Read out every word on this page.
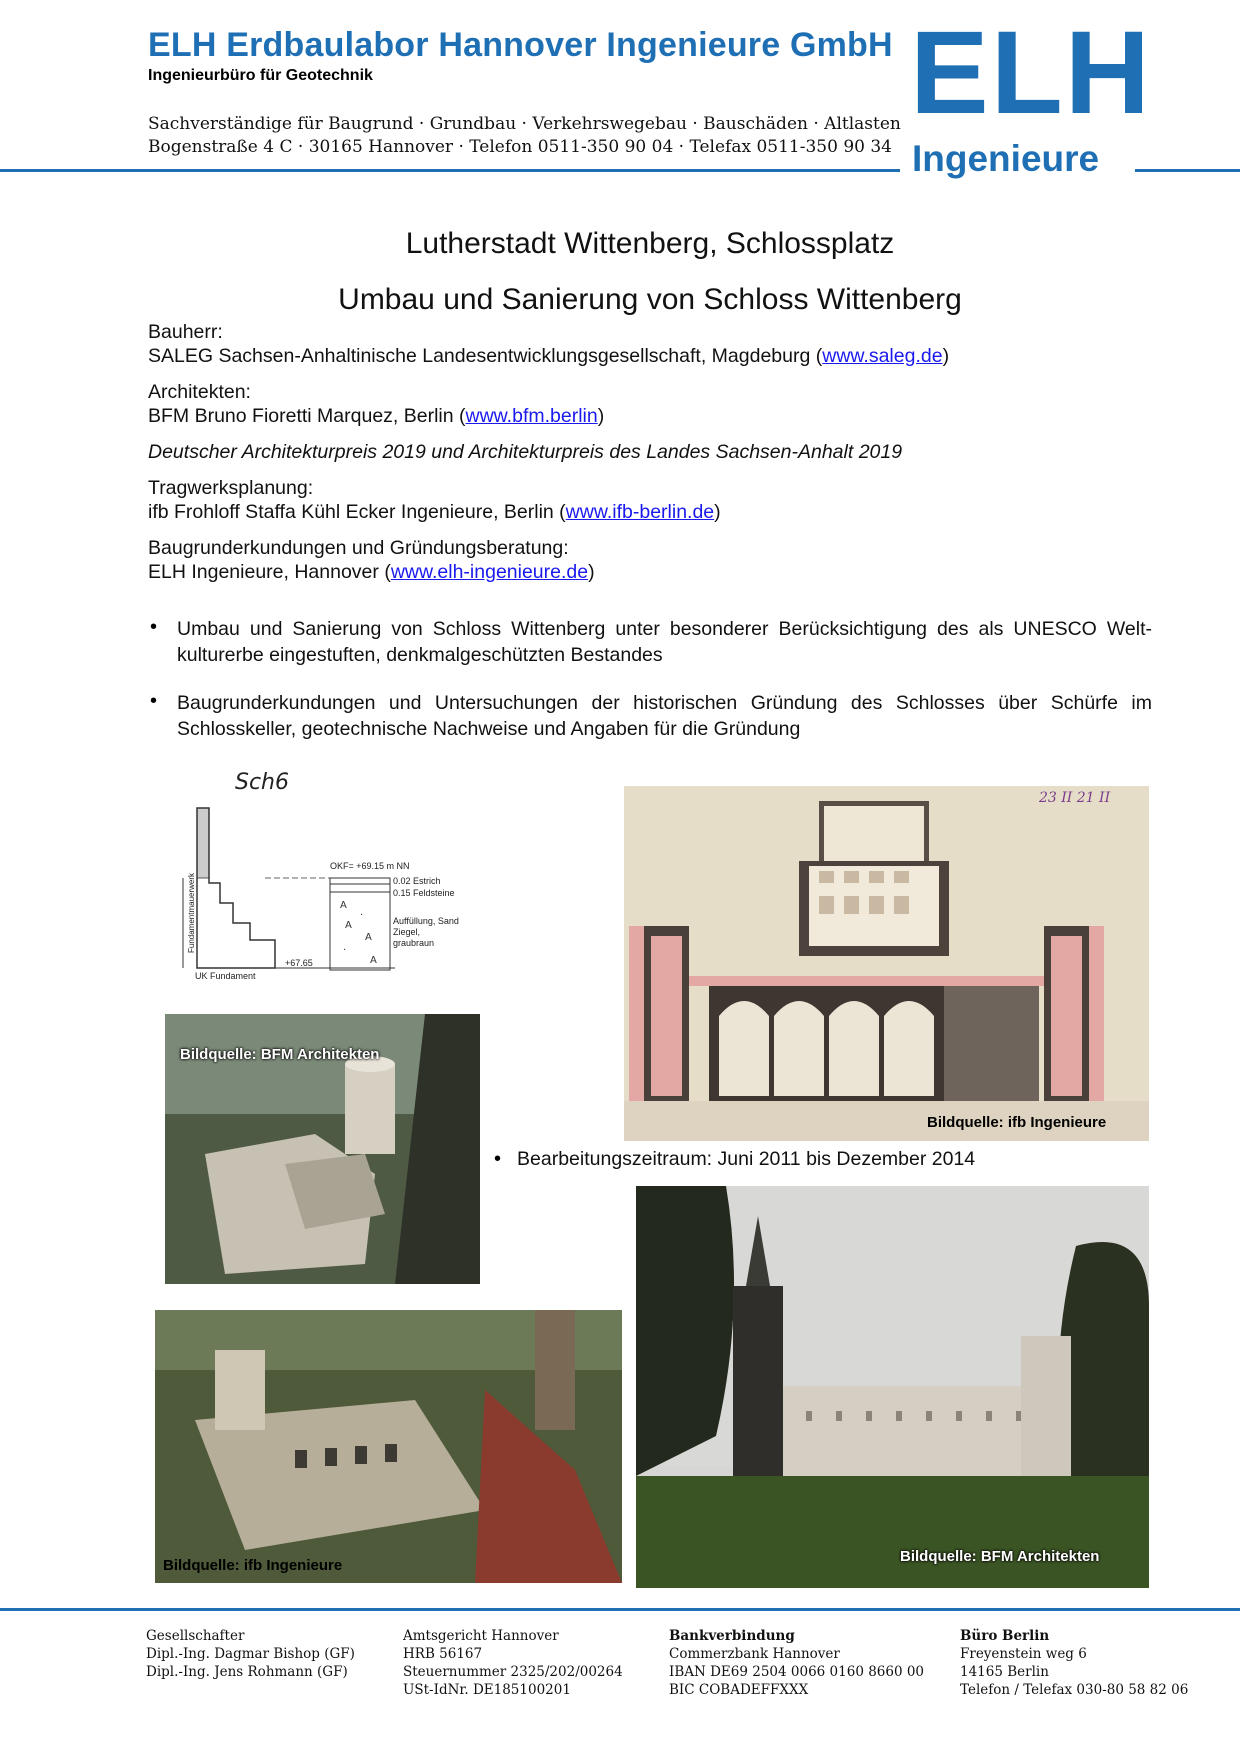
ELH Erdbaulabor Hannover Ingenieure GmbH
Ingenieurbüro für Geotechnik
Sachverständige für Baugrund · Grundbau · Verkehrswegebau · Bauschäden · Altlasten
Bogenstraße 4 C · 30165 Hannover · Telefon 0511-350 90 04 · Telefax 0511-350 90 34
ELH
Ingenieure
Lutherstadt Wittenberg, Schlossplatz
Umbau und Sanierung von Schloss Wittenberg
Bauherr:
SALEG Sachsen-Anhaltinische Landesentwicklungsgesellschaft, Magdeburg (www.saleg.de)
Architekten:
BFM Bruno Fioretti Marquez, Berlin (www.bfm.berlin)
Deutscher Architekturpreis 2019 und Architekturpreis des Landes Sachsen-Anhalt 2019
Tragwerksplanung:
ifb Frohloff Staffa Kühl Ecker Ingenieure, Berlin (www.ifb-berlin.de)
Baugrunderkundungen und Gründungsberatung:
ELH Ingenieure, Hannover (www.elh-ingenieure.de)
• Umbau und Sanierung von Schloss Wittenberg unter besonderer Berücksichtigung des als UNESCO Welt-kulturerbe eingestuften, denkmalgeschützten Bestandes
• Baugrunderkundungen und Untersuchungen der historischen Gründung des Schlosses über Schürfe im Schlosskeller, geotechnische Nachweise und Angaben für die Gründung
A
·
A
A
·
A
Sch6
OKF= +69.15 m NN
0.02 Estrich
0.15 Feldsteine
Auffüllung, Sand Ziegel, graubraun
Fundamentmauerwerk
UK Fundament
+67.65
23 II 21 II
Bildquelle: ifb Ingenieure
Bildquelle: BFM Architekten
• Bearbeitungszeitraum: Juni 2011 bis Dezember 2014
Bildquelle: ifb Ingenieure
Bildquelle: BFM Architekten
Gesellschafter
Dipl.-Ing. Dagmar Bishop (GF)
Dipl.-Ing. Jens Rohmann (GF)
Amtsgericht Hannover
HRB 56167
Steuernummer 2325/202/00264
USt-IdNr. DE185100201
Bankverbindung
Commerzbank Hannover
IBAN DE69 2504 0066 0160 8660 00
BIC COBADEFFXXX
Büro Berlin
Freyenstein weg 6
14165 Berlin
Telefon / Telefax 030-80 58 82 06
